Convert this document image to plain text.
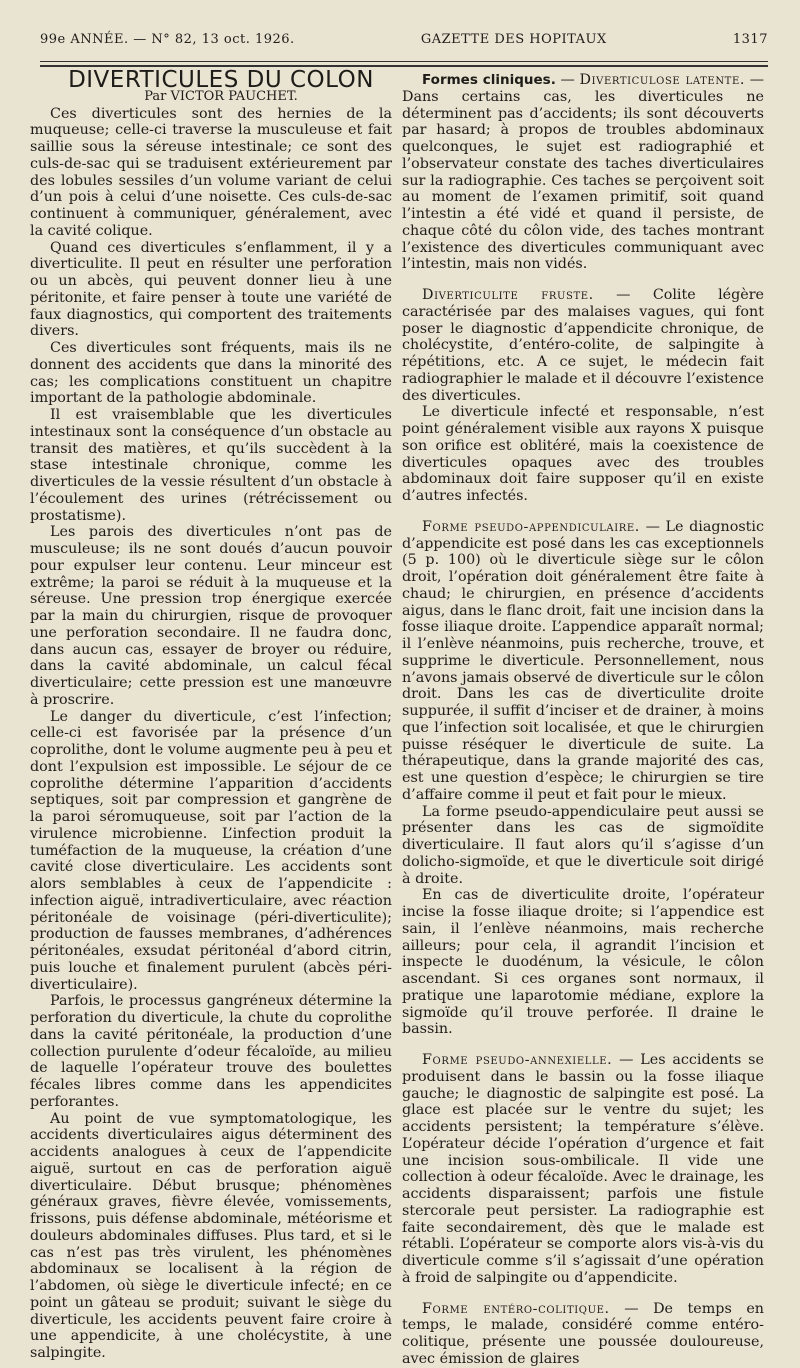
99e ANNÉE. — N° 82, 13 oct. 1926.	GAZETTE DES HOPITAUX	1317

DIVERTICULES DU COLON

Par VICTOR PAUCHET.

Ces diverticules sont des hernies de la muqueuse; celle-ci traverse la musculeuse et fait saillie sous la séreuse intestinale; ce sont des culs-de-sac qui se traduisent extérieurement par des lobules sessiles d’un volume variant de celui d’un pois à celui d’une noisette. Ces culs-de-sac continuent à communiquer, généralement, avec la cavité colique.

Quand ces diverticules s’enflamment, il y a diverticulite. Il peut en résulter une perforation ou un abcès, qui peuvent donner lieu à une péritonite, et faire penser à toute une variété de faux diagnostics, qui comportent des traitements divers.

Ces diverticules sont fréquents, mais ils ne donnent des accidents que dans la minorité des cas; les complications constituent un chapitre important de la pathologie abdominale.

Il est vraisemblable que les diverticules intestinaux sont la conséquence d’un obstacle au transit des matières, et qu’ils succèdent à la stase intestinale chronique, comme les diverticules de la vessie résultent d’un obstacle à l’écoulement des urines (rétrécissement ou prostatisme).

Les parois des diverticules n’ont pas de musculeuse; ils ne sont doués d’aucun pouvoir pour expulser leur contenu. Leur minceur est extrême; la paroi se réduit à la muqueuse et la séreuse. Une pression trop énergique exercée par la main du chirurgien, risque de provoquer une perforation secondaire. Il ne faudra donc, dans aucun cas, essayer de broyer ou réduire, dans la cavité abdominale, un calcul fécal diverticulaire; cette pression est une manœuvre à proscrire.

Le danger du diverticule, c’est l’infection; celle-ci est favorisée par la présence d’un coprolithe, dont le volume augmente peu à peu et dont l’expulsion est impossible. Le séjour de ce coprolithe détermine l’apparition d’accidents septiques, soit par compression et gangrène de la paroi séromuqueuse, soit par l’action de la virulence microbienne. L’infection produit la tuméfaction de la muqueuse, la création d’une cavité close diverticulaire. Les accidents sont alors semblables à ceux de l’appendicite : infection aiguë, intradiverticulaire, avec réaction péritonéale de voisinage (péri-diverticulite); production de fausses membranes, d’adhérences péritonéales, exsudat péritonéal d’abord citrin, puis louche et finalement purulent (abcès péri-diverticulaire).

Parfois, le processus gangréneux détermine la perforation du diverticule, la chute du coprolithe dans la cavité péritonéale, la production d’une collection purulente d’odeur fécaloïde, au milieu de laquelle l’opérateur trouve des boulettes fécales libres comme dans les appendicites perforantes.

Au point de vue symptomatologique, les accidents diverticulaires aigus déterminent des accidents analogues à ceux de l’appendicite aiguë, surtout en cas de perforation aiguë diverticulaire. Début brusque; phénomènes généraux graves, fièvre élevée, vomissements, frissons, puis défense abdominale, météorisme et douleurs abdominales diffuses. Plus tard, et si le cas n’est pas très virulent, les phénomènes abdominaux se localisent à la région de l’abdomen, où siège le diverticule infecté; en ce point un gâteau se produit; suivant le siège du diverticule, les accidents peuvent faire croire à une appendicite, à une cholécystite, à une salpingite.

Formes cliniques. — Diverticulose latente. — Dans certains cas, les diverticules ne déterminent pas d’accidents; ils sont découverts par hasard; à propos de troubles abdominaux quelconques, le sujet est radiographié et l’observateur constate des taches diverticulaires sur la radiographie. Ces taches se perçoivent soit au moment de l’examen primitif, soit quand l’intestin a été vidé et quand il persiste, de chaque côté du côlon vide, des taches montrant l’existence des diverticules communiquant avec l’intestin, mais non vidés.

Diverticulite fruste. — Colite légère caractérisée par des malaises vagues, qui font poser le diagnostic d’appendicite chronique, de cholécystite, d’entéro-colite, de salpingite à répétitions, etc. A ce sujet, le médecin fait radiographier le malade et il découvre l’existence des diverticules.

Le diverticule infecté et responsable, n’est point généralement visible aux rayons X puisque son orifice est oblitéré, mais la coexistence de diverticules opaques avec des troubles abdominaux doit faire supposer qu’il en existe d’autres infectés.

Forme pseudo-appendiculaire. — Le diagnostic d’appendicite est posé dans les cas exceptionnels (5 p. 100) où le diverticule siège sur le côlon droit, l’opération doit généralement être faite à chaud; le chirurgien, en présence d’accidents aigus, dans le flanc droit, fait une incision dans la fosse iliaque droite. L’appendice apparaît normal; il l’enlève néanmoins, puis recherche, trouve, et supprime le diverticule. Personnellement, nous n’avons jamais observé de diverticule sur le côlon droit. Dans les cas de diverticulite droite suppurée, il suffit d’inciser et de drainer, à moins que l’infection soit localisée, et que le chirurgien puisse réséquer le diverticule de suite. La thérapeutique, dans la grande majorité des cas, est une question d’espèce; le chirurgien se tire d’affaire comme il peut et fait pour le mieux.

La forme pseudo-appendiculaire peut aussi se présenter dans les cas de sigmoïdite diverticulaire. Il faut alors qu’il s’agisse d’un dolicho-sigmoïde, et que le diverticule soit dirigé à droite.

En cas de diverticulite droite, l’opérateur incise la fosse iliaque droite; si l’appendice est sain, il l’enlève néanmoins, mais recherche ailleurs; pour cela, il agrandit l’incision et inspecte le duodénum, la vésicule, le côlon ascendant. Si ces organes sont normaux, il pratique une laparotomie médiane, explore la sigmoïde qu’il trouve perforée. Il draine le bassin.

Forme pseudo-annexielle. — Les accidents se produisent dans le bassin ou la fosse iliaque gauche; le diagnostic de salpingite est posé. La glace est placée sur le ventre du sujet; les accidents persistent; la température s’élève. L’opérateur décide l’opération d’urgence et fait une incision sous-ombilicale. Il vide une collection à odeur fécaloïde. Avec le drainage, les accidents disparaissent; parfois une fistule stercorale peut persister. La radiographie est faite secondairement, dès que le malade est rétabli. L’opérateur se comporte alors vis-à-vis du diverticule comme s’il s’agissait d’une opération à froid de salpingite ou d’appendicite.

Forme entéro-colitique. — De temps en temps, le malade, considéré comme entéro-colitique, présente une poussée douloureuse, avec émission de glaires
